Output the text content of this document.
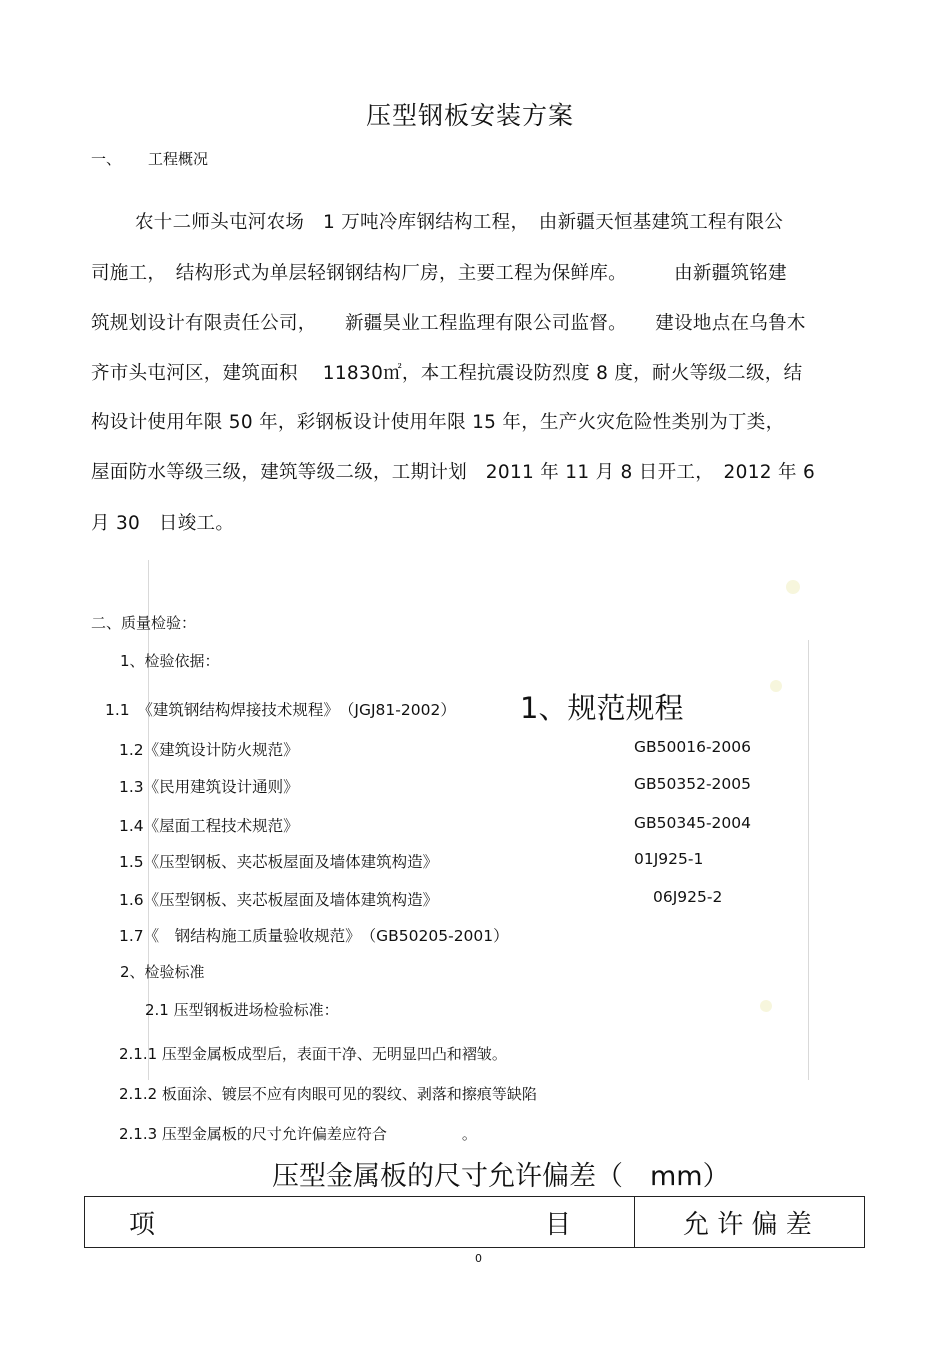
压型钢板安装方案
一、 工程概况
农十二师头屯河农场　1 万吨冷库钢结构工程，　由新疆天恒基建筑工程有限公
司施工，　结构形式为单层轻钢钢结构厂房，主要工程为保鲜库。　　　由新疆筑铭建
筑规划设计有限责任公司，　　新疆昊业工程监理有限公司监督。　　建设地点在乌鲁木
齐市头屯河区，建筑面积　 11830㎡，本工程抗震设防烈度 8 度，耐火等级二级，结
构设计使用年限 50 年，彩钢板设计使用年限 15 年，生产火灾危险性类别为丁类，
屋面防水等级三级，建筑等级二级，工期计划　2011 年 11 月 8 日开工，　2012 年 6
月 30　日竣工。
二、质量检验：
1、检验依据：
1.1　《建筑钢结构焊接技术规程》　（JGJ81-2002） 1、规范规程
1.2《建筑设计防火规范》	GB50016-2006
1.3《民用建筑设计通则》	GB50352-2005
1.4《屋面工程技术规范》	GB50345-2004
1.5《压型钢板、夹芯板屋面及墙体建筑构造》	01J925-1
1.6《压型钢板、夹芯板屋面及墙体建筑构造》	06J925-2
1.7《　钢结构施工质量验收规范》　（GB50205-2001）
2、检验标准
2.1 压型钢板进场检验标准：
2.1.1 压型金属板成型后，表面干净、无明显凹凸和褶皱。
2.1.2 板面涂、镀层不应有肉眼可见的裂纹、剥落和擦痕等缺陷
2.1.3 压型金属板的尺寸允许偏差应符合　　　　　。
压型金属板的尺寸允许偏差（　mm）
项　　　　　　　　　　　　　　　目	允 许 偏 差
0
